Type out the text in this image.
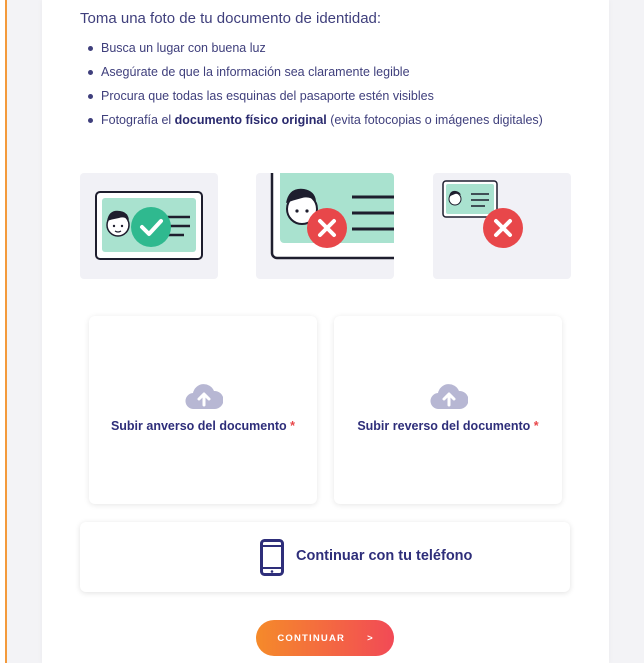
Toma una foto de tu documento de identidad:

Busca un lugar con buena luz
Asegúrate de que la información sea claramente legible
Procura que todas las esquinas del pasaporte estén visibles
Fotografía el documento físico original (evita fotocopias o imágenes digitales)
Subir anverso del documento *	Subir reverso del documento *
Continuar con tu teléfono
CONTINUAR >
